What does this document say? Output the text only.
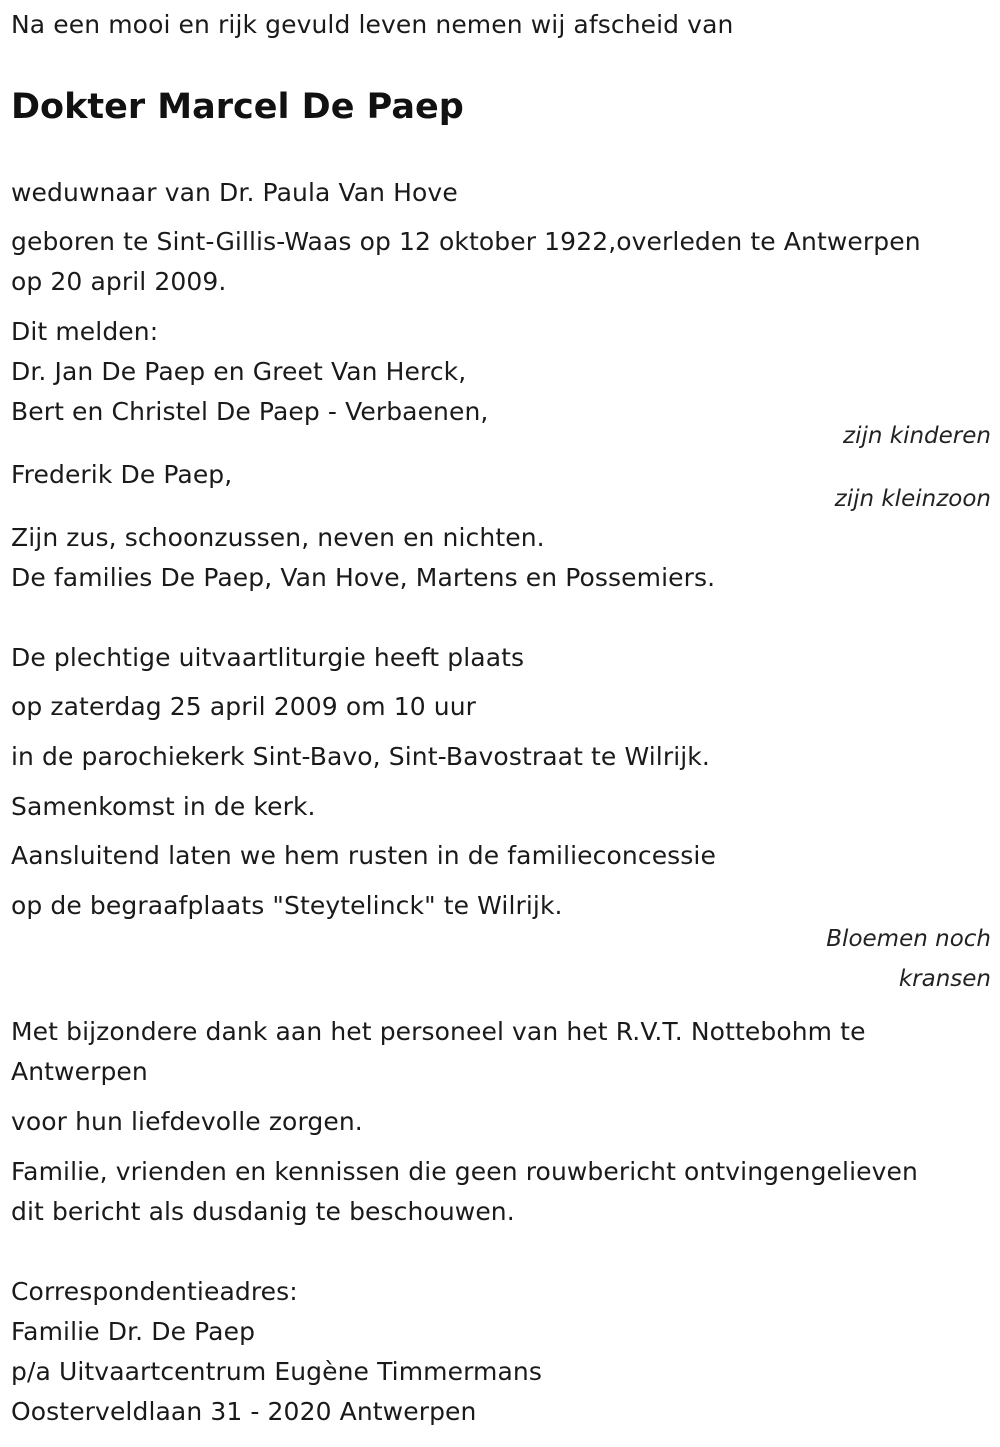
Na een mooi en rijk gevuld leven nemen wij afscheid van
Dokter Marcel De Paep
weduwnaar van Dr. Paula Van Hove
geboren te Sint-Gillis-Waas op 12 oktober 1922,overleden te Antwerpen
op 20 april 2009.
Dit melden:
Dr. Jan De Paep en Greet Van Herck,
Bert en Christel De Paep - Verbaenen,
zijn kinderen
Frederik De Paep,
zijn kleinzoon
Zijn zus, schoonzussen, neven en nichten.
De families De Paep, Van Hove, Martens en Possemiers.
De plechtige uitvaartliturgie heeft plaats
op zaterdag 25 april 2009 om 10 uur
in de parochiekerk Sint-Bavo, Sint-Bavostraat te Wilrijk.
Samenkomst in de kerk.
Aansluitend laten we hem rusten in de familieconcessie
op de begraafplaats "Steytelinck" te Wilrijk.
Bloemen noch
kransen
Met bijzondere dank aan het personeel van het R.V.T. Nottebohm te
Antwerpen
voor hun liefdevolle zorgen.
Familie, vrienden en kennissen die geen rouwbericht ontvingengelieven
dit bericht als dusdanig te beschouwen.
Correspondentieadres:
Familie Dr. De Paep
p/a Uitvaartcentrum Eugène Timmermans
Oosterveldlaan 31 - 2020 Antwerpen
